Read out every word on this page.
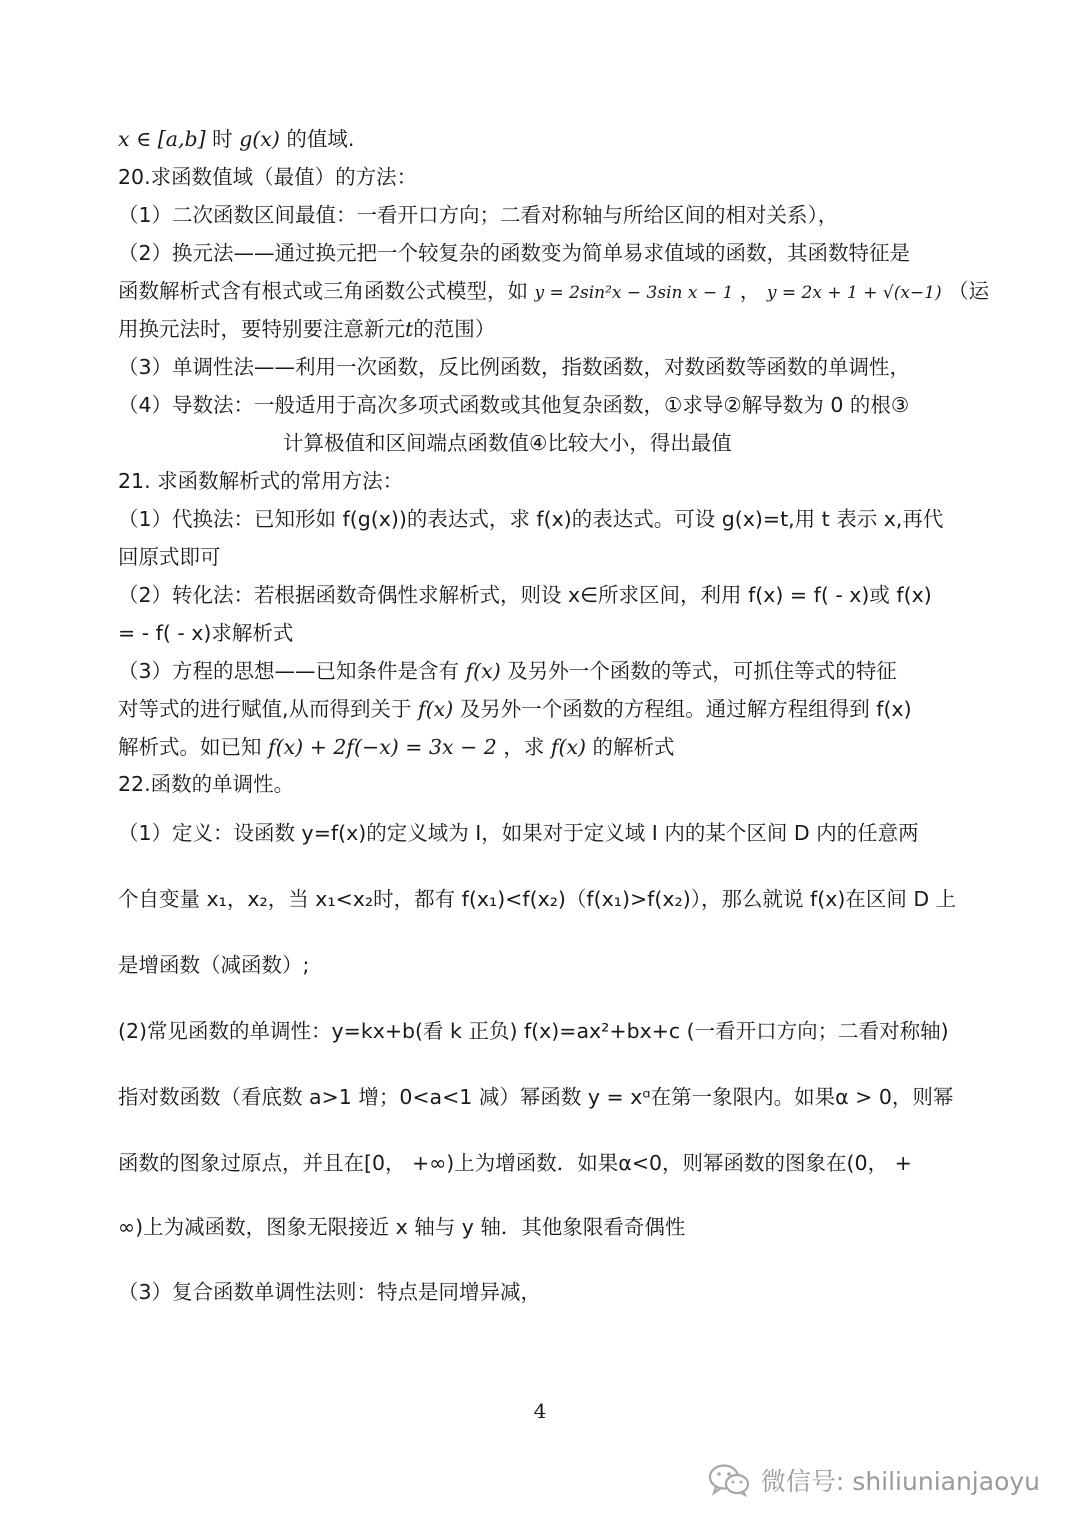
x ∈ [a,b] 时 g(x) 的值域.
20.求函数值域（最值）的方法：
（1）二次函数区间最值：一看开口方向；二看对称轴与所给区间的相对关系），
（2）换元法——通过换元把一个较复杂的函数变为简单易求值域的函数，其函数特征是
函数解析式含有根式或三角函数公式模型，如 y = 2sin²x − 3sin x − 1 ， y = 2x + 1 + √(x−1) （运
用换元法时，要特别要注意新元t的范围）
（3）单调性法——利用一次函数，反比例函数，指数函数，对数函数等函数的单调性，
（4）导数法：一般适用于高次多项式函数或其他复杂函数，①求导②解导数为 0 的根③
计算极值和区间端点函数值④比较大小，得出最值
21. 求函数解析式的常用方法：
（1）代换法：已知形如 f(g(x))的表达式，求 f(x)的表达式。可设 g(x)=t,用 t 表示 x,再代
回原式即可
（2）转化法：若根据函数奇偶性求解析式，则设 x∈所求区间，利用 f(x) = f( - x)或 f(x)
= - f( - x)求解析式
（3）方程的思想——已知条件是含有 f(x) 及另外一个函数的等式，可抓住等式的特征
对等式的进行赋值,从而得到关于 f(x) 及另外一个函数的方程组。通过解方程组得到 f(x)
解析式。如已知 f(x) + 2f(−x) = 3x − 2 ，求 f(x) 的解析式
22.函数的单调性。
（1）定义：设函数 y=f(x)的定义域为 I，如果对于定义域 I 内的某个区间 D 内的任意两
个自变量 x₁，x₂，当 x₁<x₂时，都有 f(x₁)<f(x₂)（f(x₁)>f(x₂)），那么就说 f(x)在区间 D 上
是增函数（减函数）;
(2)常见函数的单调性：y=kx+b(看 k 正负) f(x)=ax²+bx+c (一看开口方向；二看对称轴)
指对数函数（看底数 a>1 增；0<a<1 减）幂函数 y = xᵅ在第一象限内。如果α > 0，则幂
函数的图象过原点，并且在[0， +∞)上为增函数．如果α<0，则幂函数的图象在(0， +
∞)上为减函数，图象无限接近 x 轴与 y 轴．其他象限看奇偶性
（3）复合函数单调性法则：特点是同增异减，
4
微信号: shiliunianjaoyu
